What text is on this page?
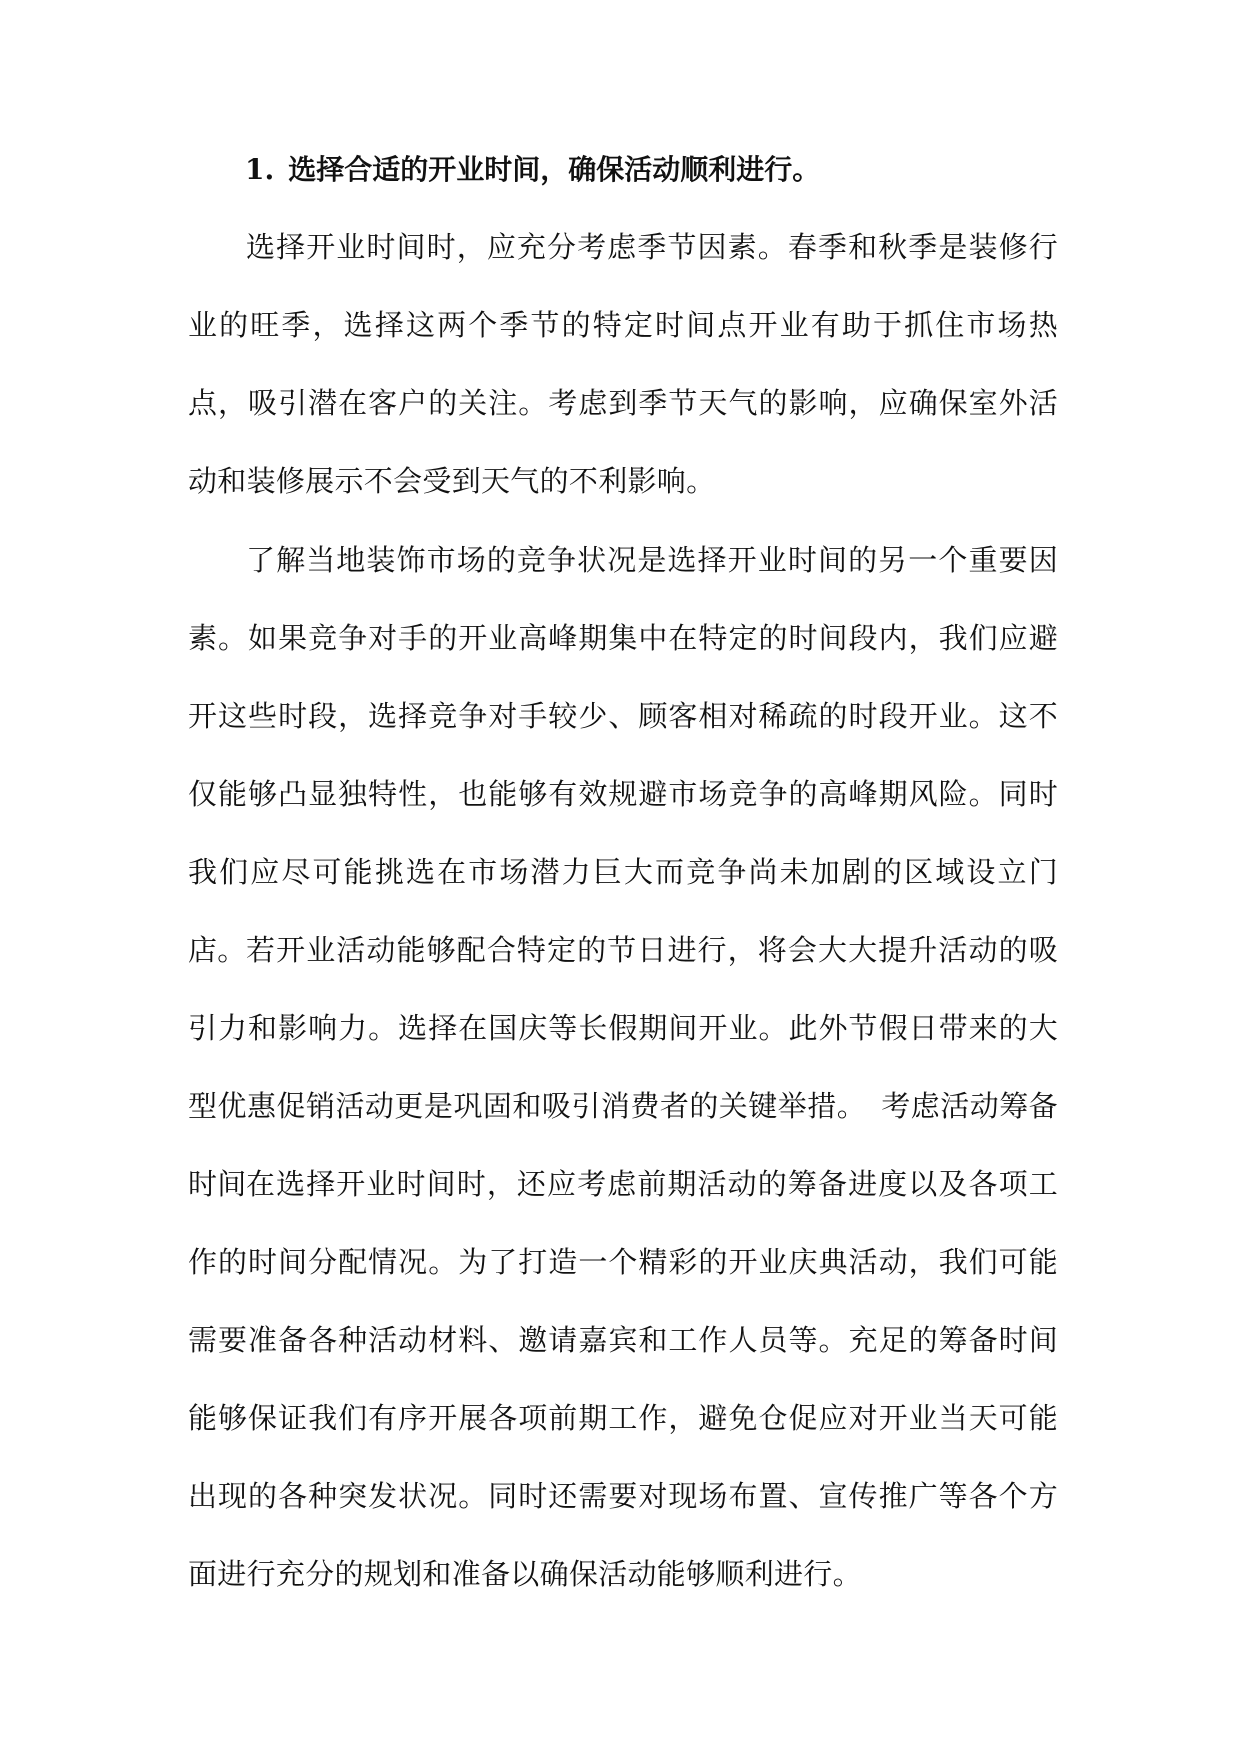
1. 选择合适的开业时间，确保活动顺利进行。

选择开业时间时，应充分考虑季节因素。春季和秋季是装修行业的旺季，选择这两个季节的特定时间点开业有助于抓住市场热点，吸引潜在客户的关注。考虑到季节天气的影响，应确保室外活动和装修展示不会受到天气的不利影响。

了解当地装饰市场的竞争状况是选择开业时间的另一个重要因素。如果竞争对手的开业高峰期集中在特定的时间段内，我们应避开这些时段，选择竞争对手较少、顾客相对稀疏的时段开业。这不仅能够凸显独特性，也能够有效规避市场竞争的高峰期风险。同时我们应尽可能挑选在市场潜力巨大而竞争尚未加剧的区域设立门店。 若开业活动能够配合特定的节日进行，将会大大提升活动的吸引力和影响力。选择在国庆等长假期间开业。此外节假日带来的大型优惠促销活动更是巩固和吸引消费者的关键举措。　考虑活动筹备时间 在选择开业时间时，还应考虑前期活动的筹备进度以及各项工作的时间分配情况。为了打造一个精彩的开业庆典活动，我们可能需要准备各种活动材料、邀请嘉宾和工作人员等。充足的筹备时间能够保证我们有序开展各项前期工作，避免仓促应对开业当天可能出现的各种突发状况。同时还需要对现场布置、宣传推广等各个方面进行充分的规划和准备以确保活动能够顺利进行。
